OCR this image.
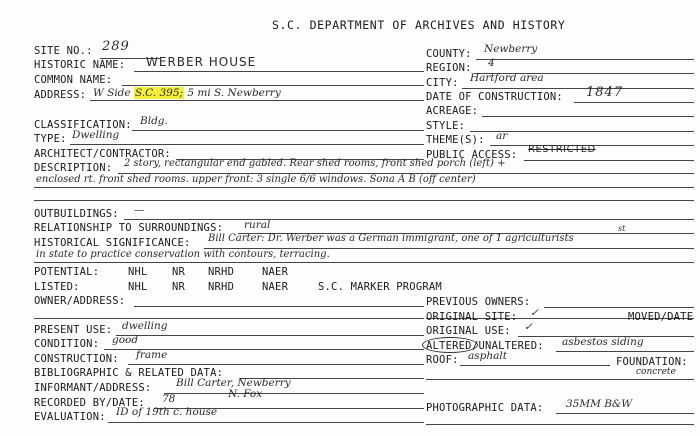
S.C. DEPARTMENT OF ARCHIVES AND HISTORY
SITE NO.: 289
HISTORIC NAME: WERBER HOUSE
COMMON NAME:
ADDRESS: W Side S.C. 395; 5 mi S. Newberry
CLASSIFICATION: Bldg.
TYPE: Dwelling
ARCHITECT/CONTRACTOR:
DESCRIPTION: 2 story, rectangular end gabled. Rear shed rooms, front shed porch (left) +
enclosed rt. front shed rooms. upper front: 3 single 6/6 windows. Sona A B (off center)
OUTBUILDINGS: —
RELATIONSHIP TO SURROUNDINGS: rural
HISTORICAL SIGNIFICANCE: Bill Carter: Dr. Werber was a German immigrant, one of 1 agriculturists
st
in state to practice conservation with contours, terracing.
POTENTIAL:	NHL NR NRHD	NAER
LISTED:	NHL NR NRHD	NAER	S.C. MARKER PROGRAM
OWNER/ADDRESS:
PRESENT USE: dwelling
CONDITION: good
CONSTRUCTION: frame
BIBLIOGRAPHIC & RELATED DATA:
INFORMANT/ADDRESS: Bill Carter, Newberry
RECORDED BY/DATE: 78	N. Fox
EVALUATION: ID of 19th c. house
COUNTY: Newberry
REGION: 4
CITY: Hartford area
DATE OF CONSTRUCTION: 1847
ACREAGE:
STYLE:
THEME(S): ar
PUBLIC ACCESS: RESTRICTED
PREVIOUS OWNERS:
ORIGINAL SITE: ✓	MOVED/DATE
ORIGINAL USE: ✓
ALTERED /UNALTERED: asbestos siding
ROOF: asphalt	FOUNDATION:
concrete
PHOTOGRAPHIC DATA: 35MM B&W
